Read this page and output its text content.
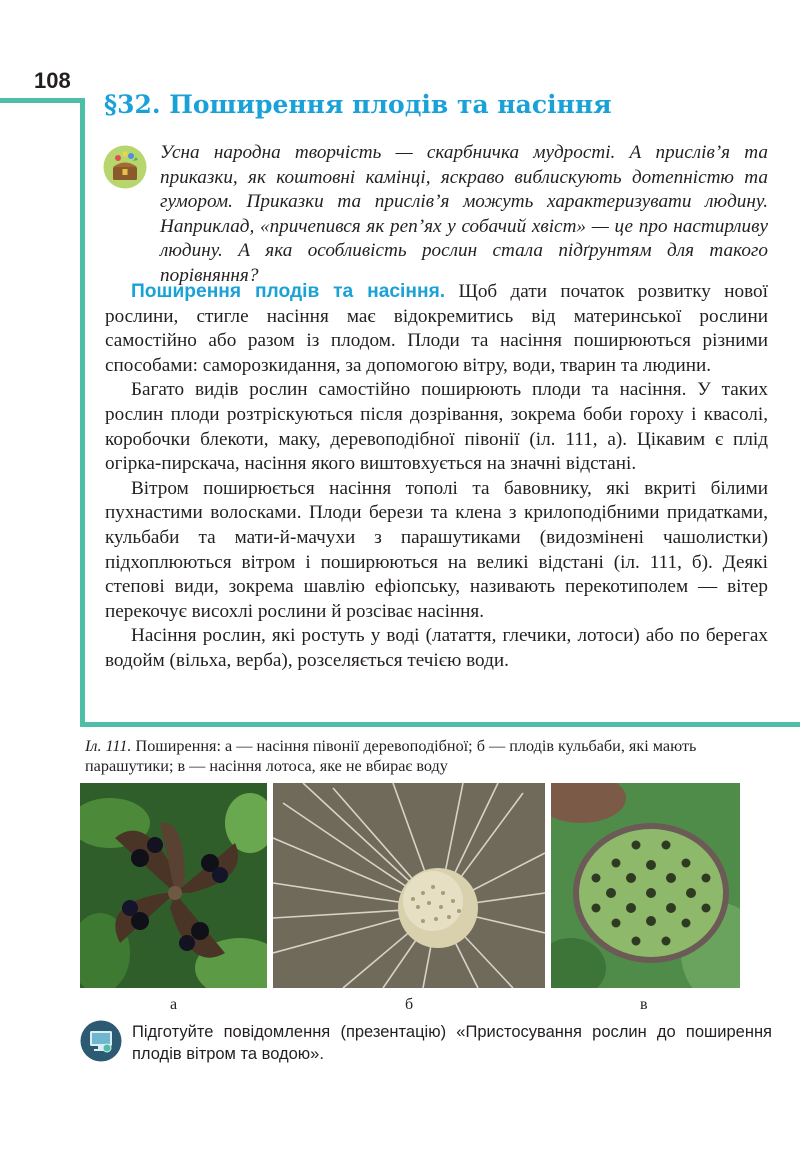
108
§32. Поширення плодів та насіння
Усна народна творчість — скарбничка мудрості. А прислів’я та приказки, як коштовні камінці, яскраво виблискують дотепністю та гумором. Приказки та прислів’я можуть характеризувати людину. Наприклад, «причепився як реп’ях у собачий хвіст» — це про настирливу людину. А яка особливість рослин стала підґрунтям для такого порівняння?

Поширення плодів та насіння. Щоб дати початок розвитку нової рослини, стигле насіння має відокремитись від материнської рослини самостійно або разом із плодом. Плоди та насіння поширюються різними способами: саморозкидання, за допомогою вітру, води, тварин та людини.

Багато видів рослин самостійно поширюють плоди та насіння. У таких рослин плоди розтріскуються після дозрівання, зокрема боби гороху і квасолі, коробочки блекоти, маку, деревоподібної півонії (іл. 111, а). Цікавим є плід огірка-пирскача, насіння якого виштовхується на значні відстані.

Вітром поширюється насіння тополі та бавовнику, які вкриті білими пухнастими волосками. Плоди берези та клена з крилоподібними придатками, кульбаби та мати-й-мачухи з парашутиками (видозмінені чашолистки) підхоплюються вітром і поширюються на великі відстані (іл. 111, б). Деякі степові види, зокрема шавлію ефіопську, називають перекотиполем — вітер перекочує висохлі рослини й розсіває насіння.

Насіння рослин, які ростуть у воді (латаття, глечики, лотоси) або по берегах водойм (вільха, верба), розселяється течією води.

Іл. 111. Поширення: а — насіння півонії деревоподібної; б — плодів кульбаби, які мають парашутики; в — насіння лотоса, яке не вбирає воду
а	б	в
Підготуйте повідомлення (презентацію) «Пристосування рослин до поширення плодів вітром та водою».
